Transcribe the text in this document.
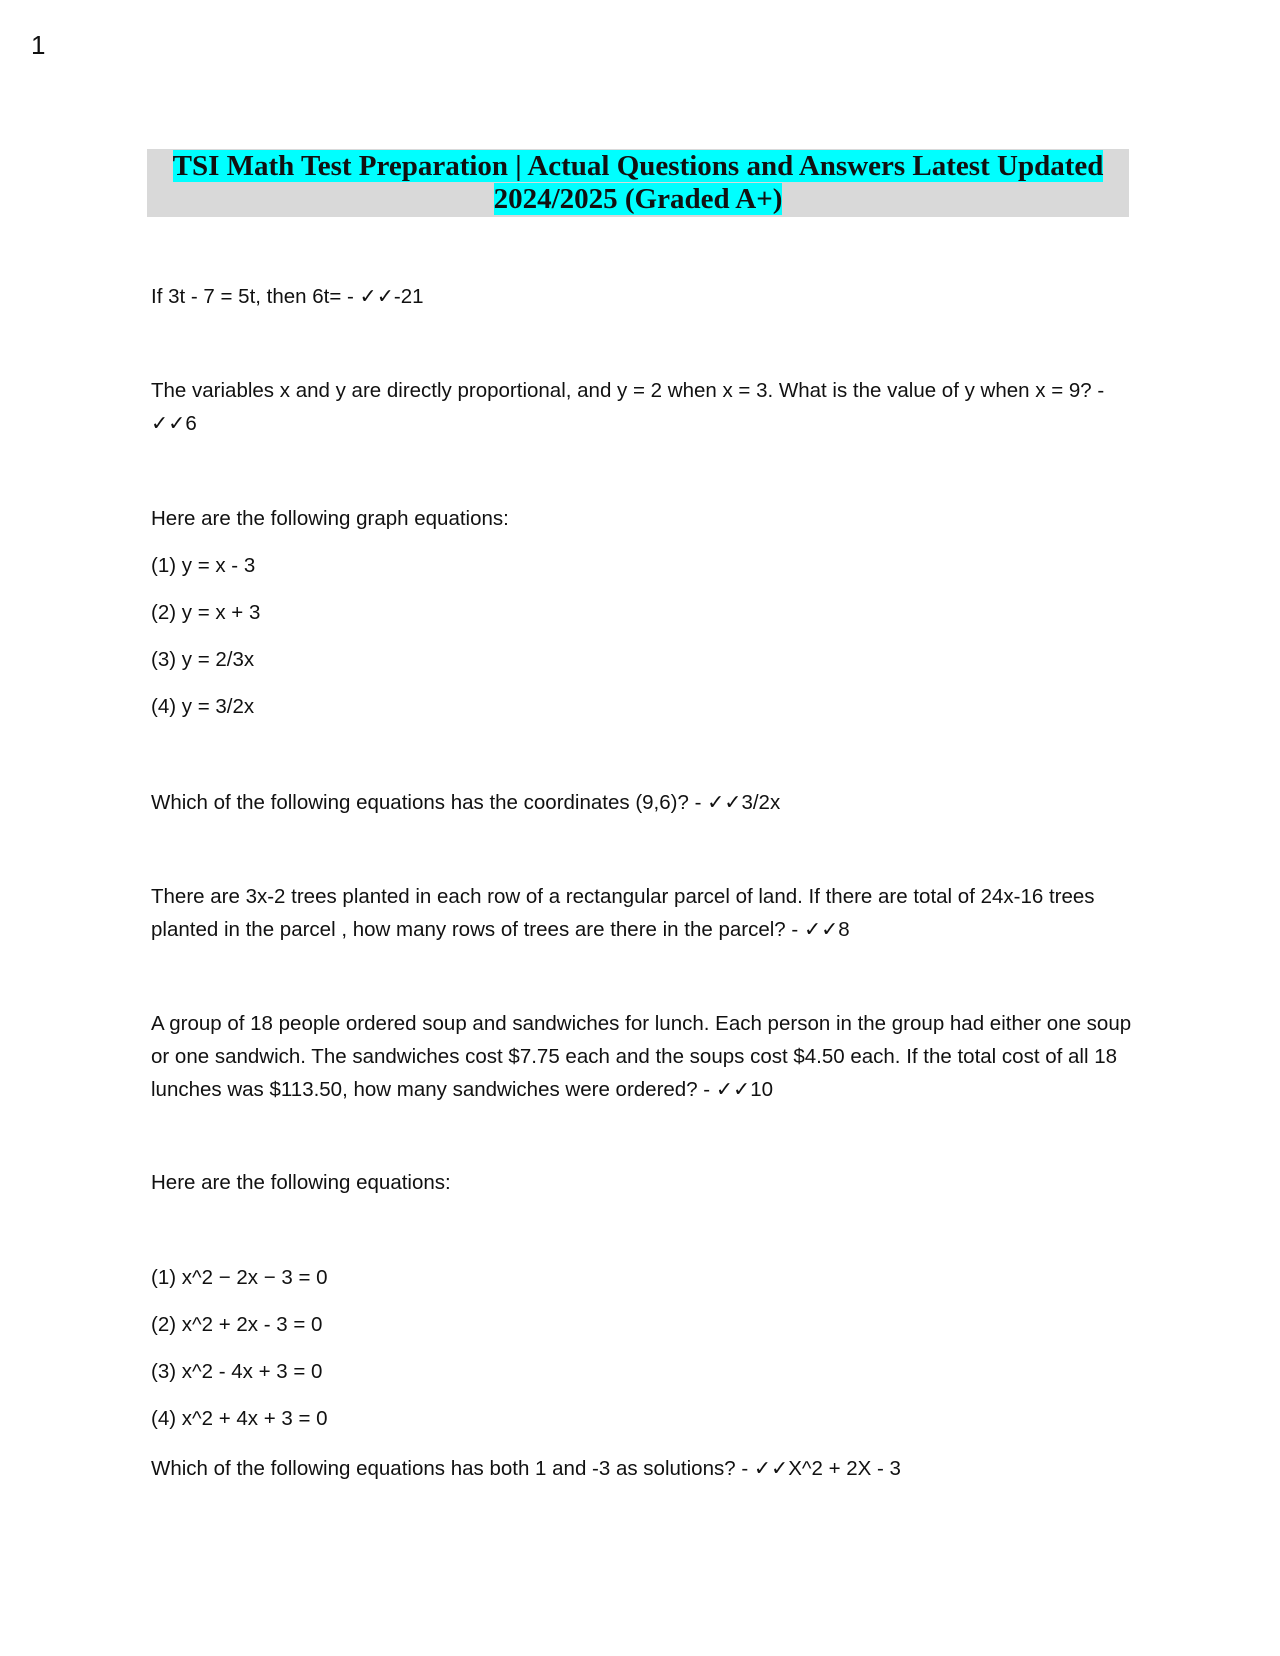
1
TSI Math Test Preparation | Actual Questions and Answers Latest Updated
2024/2025 (Graded A+)
If 3t - 7 = 5t, then 6t= - ✓✓-21
The variables x and y are directly proportional, and y = 2 when x = 3. What is the value of y when x = 9? - ✓✓6
Here are the following graph equations:
(1) y = x - 3
(2) y = x + 3
(3) y = 2/3x
(4) y = 3/2x
Which of the following equations has the coordinates (9,6)? - ✓✓3/2x
There are 3x-2 trees planted in each row of a rectangular parcel of land. If there are total of 24x-16 trees planted in the parcel , how many rows of trees are there in the parcel? - ✓✓8
A group of 18 people ordered soup and sandwiches for lunch. Each person in the group had either one soup or one sandwich. The sandwiches cost $7.75 each and the soups cost $4.50 each. If the total cost of all 18 lunches was $113.50, how many sandwiches were ordered? - ✓✓10
Here are the following equations:
(1) x^2 − 2x − 3 = 0
(2) x^2 + 2x - 3 = 0
(3) x^2 - 4x + 3 = 0
(4) x^2 + 4x + 3 = 0
Which of the following equations has both 1 and -3 as solutions? - ✓✓X^2 + 2X - 3
